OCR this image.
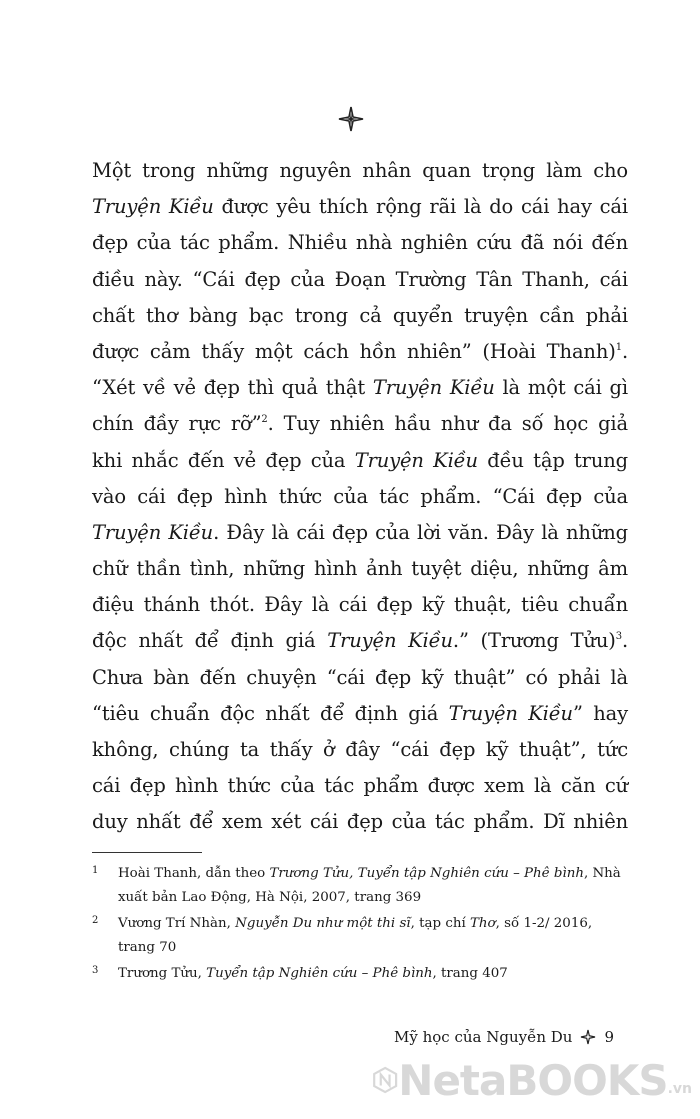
Một trong những nguyên nhân quan trọng làm cho
Truyện Kiều được yêu thích rộng rãi là do cái hay cái
đẹp của tác phẩm. Nhiều nhà nghiên cứu đã nói đến
điều này. “Cái đẹp của Đoạn Trường Tân Thanh, cái
chất thơ bàng bạc trong cả quyển truyện cần phải
được cảm thấy một cách hồn nhiên” (Hoài Thanh)$^1$.
“Xét về vẻ đẹp thì quả thật Truyện Kiều là một cái gì
chín đầy rực rỡ”$^2$. Tuy nhiên hầu như đa số học giả
khi nhắc đến vẻ đẹp của Truyện Kiều đều tập trung
vào cái đẹp hình thức của tác phẩm. “Cái đẹp của
Truyện Kiều. Đây là cái đẹp của lời văn. Đây là những
chữ thần tình, những hình ảnh tuyệt diệu, những âm
điệu thánh thót. Đây là cái đẹp kỹ thuật, tiêu chuẩn
độc nhất để định giá Truyện Kiều.” (Trương Tửu)$^3$.
Chưa bàn đến chuyện “cái đẹp kỹ thuật” có phải là
“tiêu chuẩn độc nhất để định giá Truyện Kiều” hay
không, chúng ta thấy ở đây “cái đẹp kỹ thuật”, tức
cái đẹp hình thức của tác phẩm được xem là căn cứ
duy nhất để xem xét cái đẹp của tác phẩm. Dĩ nhiên
1 Hoài Thanh, dẫn theo Trương Tửu, Tuyển tập Nghiên cứu – Phê bình, Nhà xuất bản Lao Động, Hà Nội, 2007, trang 369
2 Vương Trí Nhàn, Nguyễn Du như một thi sĩ, tạp chí Thơ, số 1-2/ 2016, trang 70
3 Trương Tửu, Tuyển tập Nghiên cứu – Phê bình, trang 407
Mỹ học của Nguyễn Du 9
NetaBOOKS .vn
